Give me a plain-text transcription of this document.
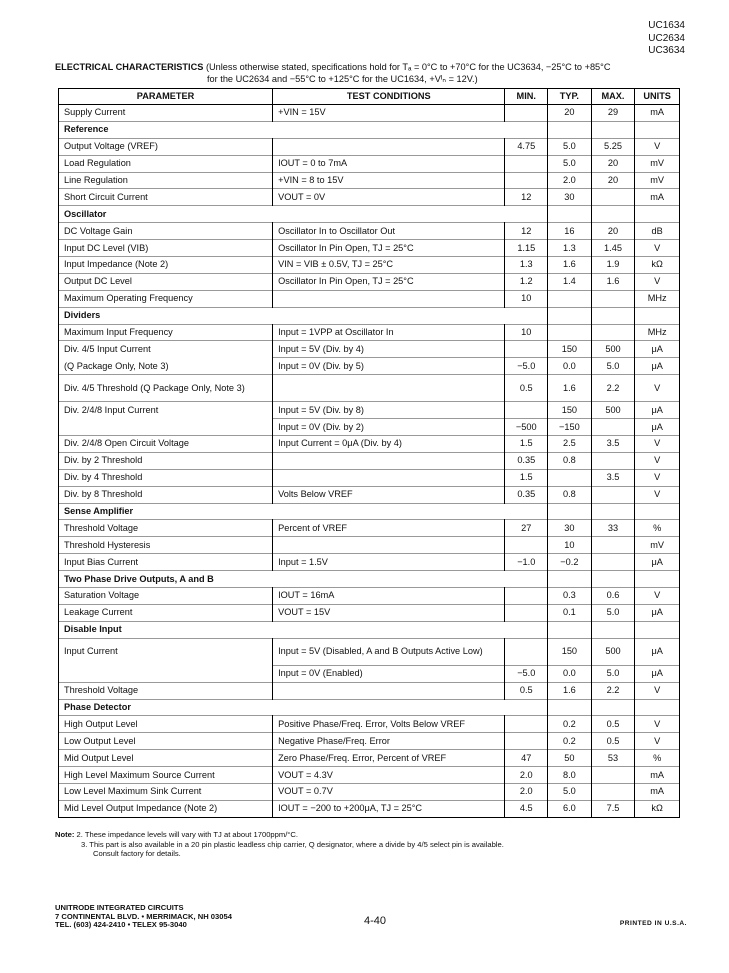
UC1634
UC2634
UC3634
ELECTRICAL CHARACTERISTICS (Unless otherwise stated, specifications hold for Tₐ = 0°C to +70°C for the UC3634, −25°C to +85°C
for the UC2634 and −55°C to +125°C for the UC1634, +Vᴵₙ = 12V.)
PARAMETER	TEST CONDITIONS	MIN.	TYP.	MAX.	UNITS
Supply Current	+VIN = 15V		20	29	mA
Reference					
Output Voltage (VREF)		4.75	5.0	5.25	V
Load Regulation	IOUT = 0 to 7mA		5.0	20	mV
Line Regulation	+VIN = 8 to 15V		2.0	20	mV
Short Circuit Current	VOUT = 0V	12	30		mA
Oscillator					
DC Voltage Gain	Oscillator In to Oscillator Out	12	16	20	dB
Input DC Level (VIB)	Oscillator In Pin Open, TJ = 25°C	1.15	1.3	1.45	V
Input Impedance (Note 2)	VIN = VIB ± 0.5V, TJ = 25°C	1.3	1.6	1.9	kΩ
Output DC Level	Oscillator In Pin Open, TJ = 25°C	1.2	1.4	1.6	V
Maximum Operating Frequency		10			MHz
Dividers					
Maximum Input Frequency	Input = 1VPP at Oscillator In	10			MHz
Div. 4/5 Input Current	Input = 5V (Div. by 4)		150	500	μA
(Q Package Only, Note 3)	Input = 0V (Div. by 5)	−5.0	0.0	5.0	μA
Div. 4/5 Threshold (Q Package Only, Note 3)		0.5	1.6	2.2	V
Div. 2/4/8 Input Current	Input = 5V (Div. by 8)		150	500	μA
	Input = 0V (Div. by 2)	−500	−150		μA
Div. 2/4/8 Open Circuit Voltage	Input Current = 0μA (Div. by 4)	1.5	2.5	3.5	V
Div. by 2 Threshold		0.35	0.8		V
Div. by 4 Threshold		1.5		3.5	V
Div. by 8 Threshold	Volts Below VREF	0.35	0.8		V
Sense Amplifier					
Threshold Voltage	Percent of VREF	27	30	33	%
Threshold Hysteresis			10		mV
Input Bias Current	Input = 1.5V	−1.0	−0.2		μA
Two Phase Drive Outputs, A and B					
Saturation Voltage	IOUT = 16mA		0.3	0.6	V
Leakage Current	VOUT = 15V		0.1	5.0	μA
Disable Input					
Input Current	Input = 5V (Disabled, A and B Outputs Active Low)		150	500	μA
	Input = 0V (Enabled)	−5.0	0.0	5.0	μA
Threshold Voltage		0.5	1.6	2.2	V
Phase Detector					
High Output Level	Positive Phase/Freq. Error, Volts Below VREF		0.2	0.5	V
Low Output Level	Negative Phase/Freq. Error		0.2	0.5	V
Mid Output Level	Zero Phase/Freq. Error, Percent of VREF	47	50	53	%
High Level Maximum Source Current	VOUT = 4.3V	2.0	8.0		mA
Low Level Maximum Sink Current	VOUT = 0.7V	2.0	5.0		mA
Mid Level Output Impedance (Note 2)	IOUT = −200 to +200μA, TJ = 25°C	4.5	6.0	7.5	kΩ
Note: 2. These impedance levels will vary with TJ at about 1700ppm/°C.
3. This part is also available in a 20 pin plastic leadless chip carrier, Q designator, where a divide by 4/5 select pin is available.
Consult factory for details.
UNITRODE INTEGRATED CIRCUITS
7 CONTINENTAL BLVD. • MERRIMACK, NH 03054
TEL. (603) 424-2410 • TELEX 95-3040	4-40	PRINTED IN U.S.A.
